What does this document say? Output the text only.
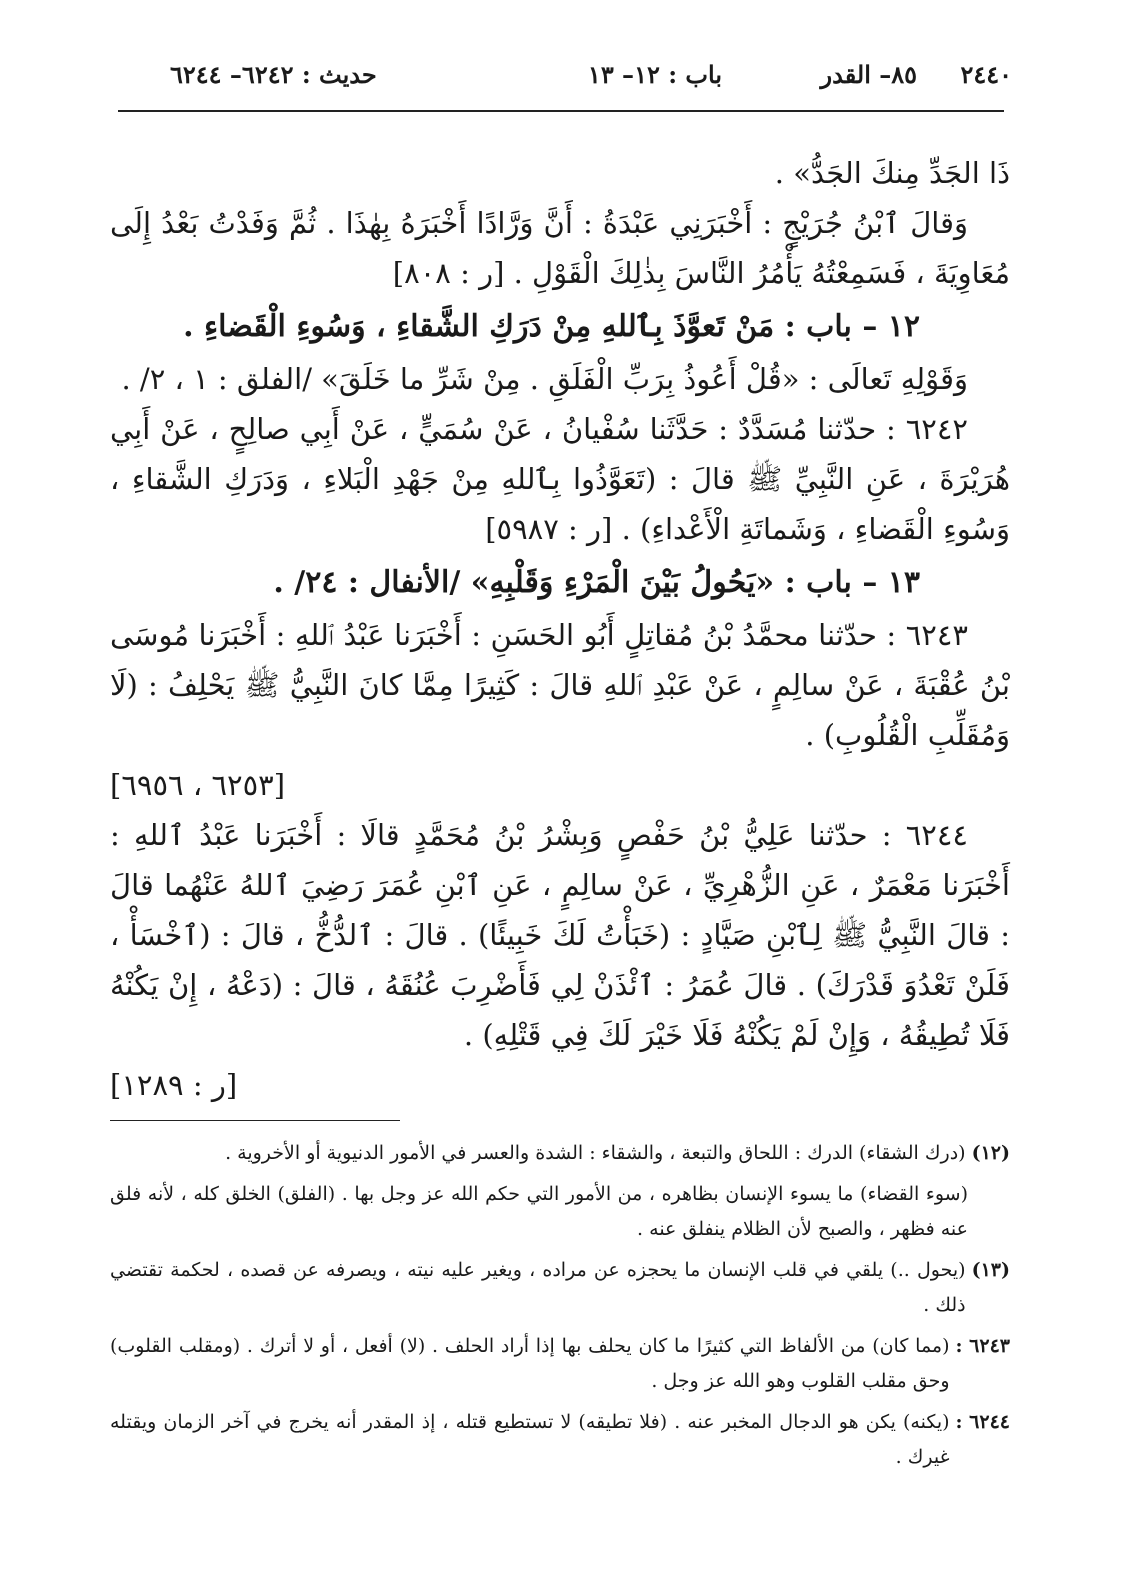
٢٤٤٠
٨٥– القدر
باب : ١٢– ١٣
حديث : ٦٢٤٢– ٦٢٤٤

ذَا الجَدِّ مِنكَ الجَدُّ» .

وَقالَ ٱبْنُ جُرَيْجٍ : أَخْبَرَنِي عَبْدَةُ : أَنَّ وَرَّادًا أَخْبَرَهُ بِهٰذَا . ثُمَّ وَفَدْتُ بَعْدُ إِلَى مُعَاوِيَةَ ، فَسَمِعْتُهُ يَأْمُرُ النَّاسَ بِذٰلِكَ الْقَوْلِ . [ر : ٨٠٨]

١٢ – باب : مَنْ تَعوَّذَ بِٱللهِ مِنْ دَرَكِ الشَّقاءِ ، وَسُوءِ الْقَضاءِ .

وَقَوْلِهِ تَعالَى : «قُلْ أَعُوذُ بِرَبِّ الْفَلَقِ . مِنْ شَرِّ ما خَلَقَ» /الفلق : ١ ، ٢/ .

٦٢٤٢ : حدّثنا مُسَدَّدٌ : حَدَّثَنا سُفْيانُ ، عَنْ سُمَيٍّ ، عَنْ أَبِي صالِحٍ ، عَنْ أَبِي هُرَيْرَةَ ، عَنِ النَّبِيِّ ﷺ قالَ : (تَعَوَّذُوا بِٱللهِ مِنْ جَهْدِ الْبَلاءِ ، وَدَرَكِ الشَّقاءِ ، وَسُوءِ الْقَضاءِ ، وَشَماتَةِ الْأَعْداءِ) . [ر : ٥٩٨٧]

١٣ – باب : «يَحُولُ بَيْنَ الْمَرْءِ وَقَلْبِهِ» /الأنفال : ٢٤/ .

٦٢٤٣ : حدّثنا محمَّدُ بْنُ مُقاتِلٍ أَبُو الحَسَنِ : أَخْبَرَنا عَبْدُ ٱللهِ : أَخْبَرَنا مُوسَى بْنُ عُقْبَةَ ، عَنْ سالِمٍ ، عَنْ عَبْدِ ٱللهِ قالَ : كَثِيرًا مِمَّا كانَ النَّبِيُّ ﷺ يَحْلِفُ : (لَا وَمُقَلِّبِ الْقُلُوبِ) .

[٦٢٥٣ ، ٦٩٥٦]

٦٢٤٤ : حدّثنا عَلِيُّ بْنُ حَفْصٍ وَبِشْرُ بْنُ مُحَمَّدٍ قالَا : أَخْبَرَنا عَبْدُ ٱللهِ : أَخْبَرَنا مَعْمَرٌ ، عَنِ الزُّهْرِيِّ ، عَنْ سالِمٍ ، عَنِ ٱبْنِ عُمَرَ رَضِيَ ٱللهُ عَنْهُما قالَ : قالَ النَّبِيُّ ﷺ لِٱبْنِ صَيَّادٍ : (خَبَأْتُ لَكَ خَبِيئًا) . قالَ : ٱلدُّخُّ ، قالَ : (ٱخْسَأْ ، فَلَنْ تَعْدُوَ قَدْرَكَ) . قالَ عُمَرُ : ٱئْذَنْ لِي فَأَضْرِبَ عُنُقَهُ ، قالَ : (دَعْهُ ، إِنْ يَكُنْهُ فَلَا تُطِيقُهُ ، وَإِنْ لَمْ يَكُنْهُ فَلَا خَيْرَ لَكَ فِي قَتْلِهِ) .

[ر : ١٢٨٩]

(١٢)
(درك الشقاء) الدرك : اللحاق والتبعة ، والشقاء : الشدة والعسر في الأمور الدنيوية أو الأخروية .
(سوء القضاء) ما يسوء الإنسان بظاهره ، من الأمور التي حكم الله عز وجل بها . (الفلق) الخلق كله ، لأنه فلق عنه فظهر ، والصبح لأن الظلام ينفلق عنه .
(١٣)
(يحول ..) يلقي في قلب الإنسان ما يحجزه عن مراده ، ويغير عليه نيته ، ويصرفه عن قصده ، لحكمة تقتضي ذلك .
٦٢٤٣ :
(مما كان) من الألفاظ التي كثيرًا ما كان يحلف بها إذا أراد الحلف . (لا) أفعل ، أو لا أترك . (ومقلب القلوب) وحق مقلب القلوب وهو الله عز وجل .
٦٢٤٤ :
(يكنه) يكن هو الدجال المخبر عنه . (فلا تطيقه) لا تستطيع قتله ، إذ المقدر أنه يخرج في آخر الزمان ويقتله غيرك .
